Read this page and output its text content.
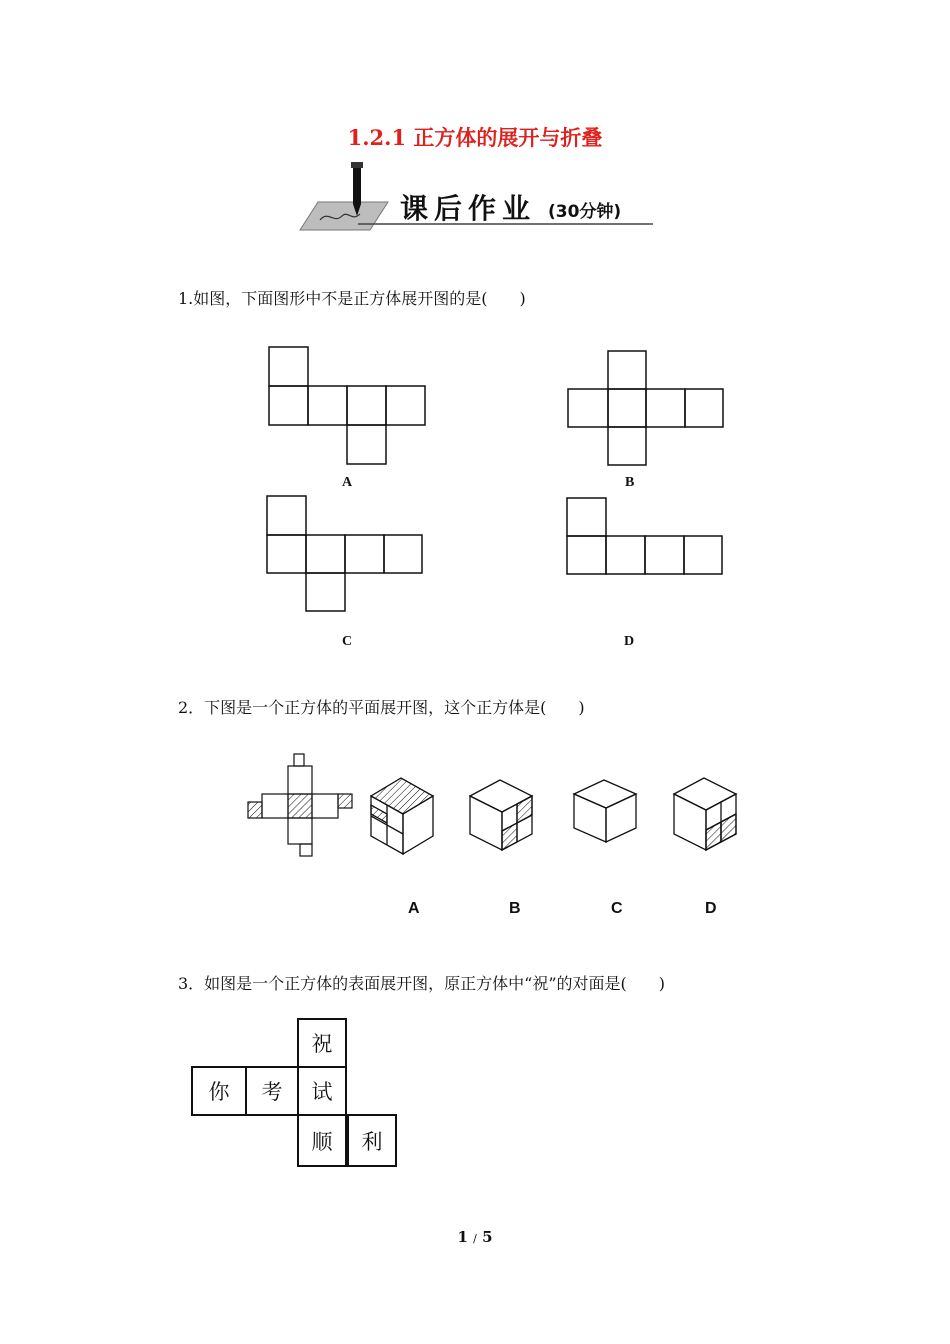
1.2.1 正方体的展开与折叠
课后作业 (30分钟)
1.如图，下面图形中不是正方体展开图的是(　　)
A	B
C	D
2．下图是一个正方体的平面展开图，这个正方体是(　　)
A	B	C	D
3．如图是一个正方体的表面展开图，原正方体中“祝”的对面是(　　)
祝
你	考	试
顺	利
1 / 5
